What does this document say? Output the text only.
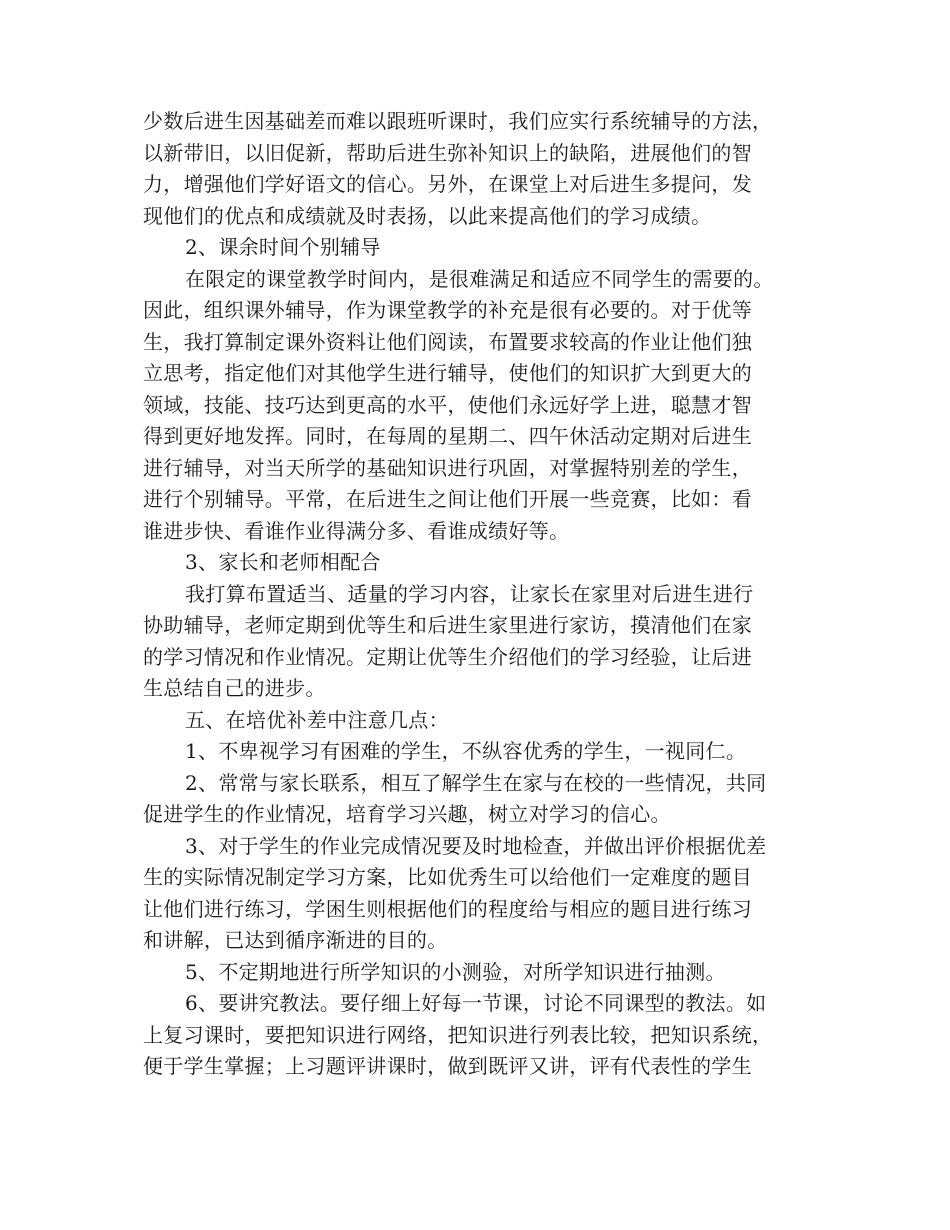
少数后进生因基础差而难以跟班听课时，我们应实行系统辅导的方法，
以新带旧，以旧促新，帮助后进生弥补知识上的缺陷，进展他们的智
力，增强他们学好语文的信心。另外，在课堂上对后进生多提问，发
现他们的优点和成绩就及时表扬，以此来提高他们的学习成绩。
2、课余时间个别辅导
在限定的课堂教学时间内，是很难满足和适应不同学生的需要的。
因此，组织课外辅导，作为课堂教学的补充是很有必要的。对于优等
生，我打算制定课外资料让他们阅读，布置要求较高的作业让他们独
立思考，指定他们对其他学生进行辅导，使他们的知识扩大到更大的
领域，技能、技巧达到更高的水平，使他们永远好学上进，聪慧才智
得到更好地发挥。同时，在每周的星期二、四午休活动定期对后进生
进行辅导，对当天所学的基础知识进行巩固，对掌握特别差的学生，
进行个别辅导。平常，在后进生之间让他们开展一些竞赛，比如：看
谁进步快、看谁作业得满分多、看谁成绩好等。
3、家长和老师相配合
我打算布置适当、适量的学习内容，让家长在家里对后进生进行
协助辅导，老师定期到优等生和后进生家里进行家访，摸清他们在家
的学习情况和作业情况。定期让优等生介绍他们的学习经验，让后进
生总结自己的进步。
五、在培优补差中注意几点：
1、不卑视学习有困难的学生，不纵容优秀的学生，一视同仁。
2、常常与家长联系，相互了解学生在家与在校的一些情况，共同
促进学生的作业情况，培育学习兴趣，树立对学习的信心。
3、对于学生的作业完成情况要及时地检查，并做出评价根据优差
生的实际情况制定学习方案，比如优秀生可以给他们一定难度的题目
让他们进行练习，学困生则根据他们的程度给与相应的题目进行练习
和讲解，已达到循序渐进的目的。
5、不定期地进行所学知识的小测验，对所学知识进行抽测。
6、要讲究教法。要仔细上好每一节课，讨论不同课型的教法。如
上复习课时，要把知识进行网络，把知识进行列表比较，把知识系统，
便于学生掌握；上习题评讲课时，做到既评又讲，评有代表性的学生
